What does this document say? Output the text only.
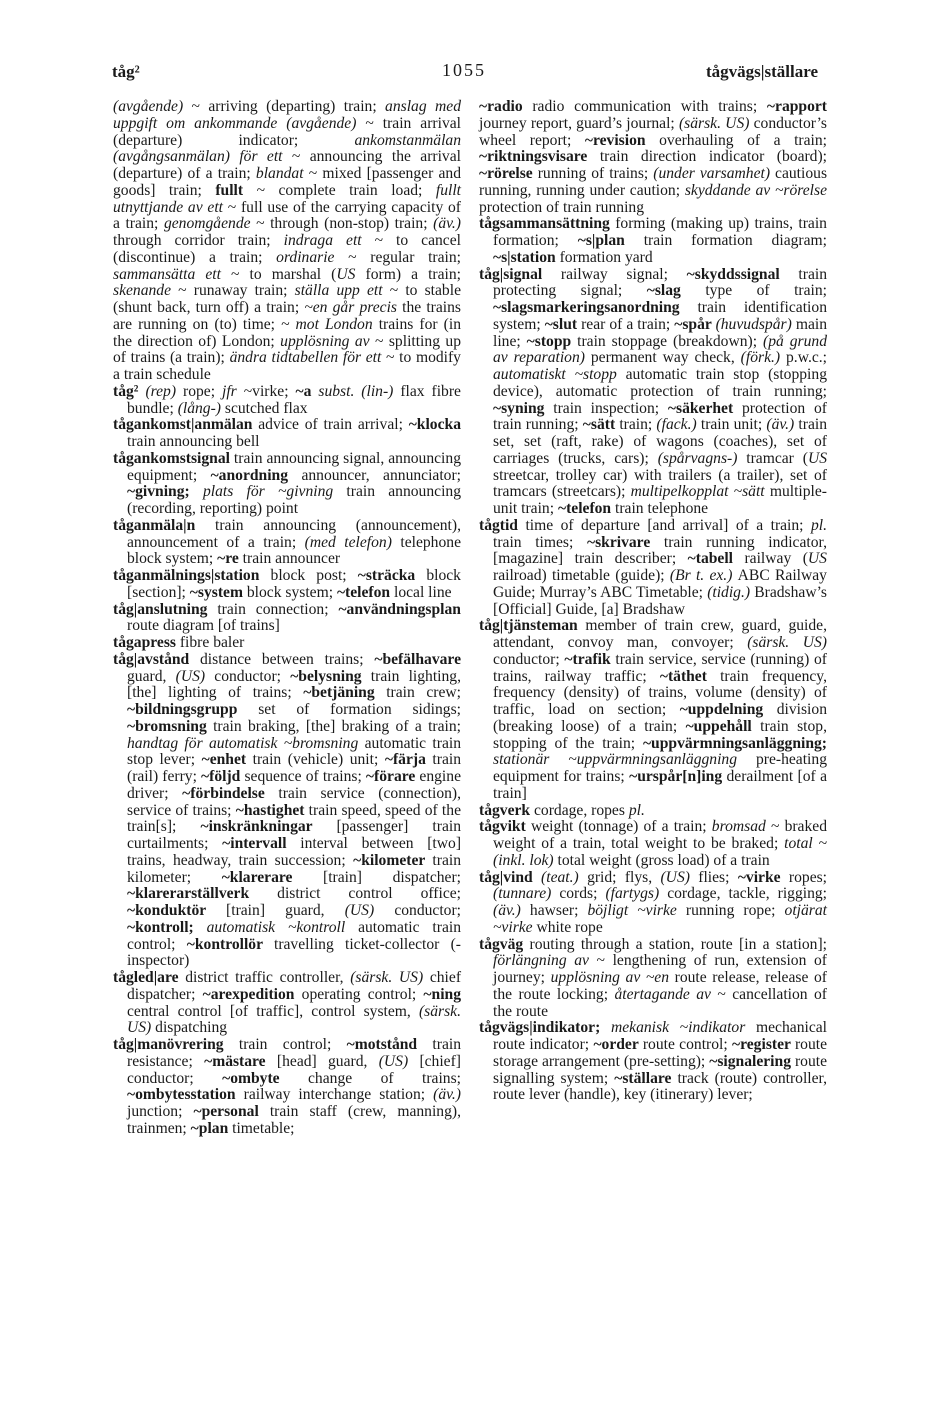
tåg²	1055	tågvägs|ställare

(avgående) ~ arriving (departing) train; anslag med uppgift om ankommande (avgående) ~ train arrival (departure) indicator; ankomstanmälan (avgångsanmälan) för ett ~ announcing the arrival (departure) of a train; blandat ~ mixed [passenger and goods] train; fullt ~ complete train load; fullt utnyttjande av ett ~ full use of the carrying capacity of a train; genomgående ~ through (non-stop) train; (äv.) through corridor train; indraga ett ~ to cancel (discontinue) a train; ordinarie ~ regular train; sammansätta ett ~ to marshal (US form) a train; skenande ~ runaway train; ställa upp ett ~ to stable (shunt back, turn off) a train; ~en går precis the trains are running on (to) time; ~ mot London trains for (in the direction of) London; upplösning av ~ splitting up of trains (a train); ändra tidtabellen för ett ~ to modify a train schedule

tåg² (rep) rope; jfr ~virke; ~a subst. (lin-) flax fibre bundle; (lång-) scutched flax

tågankomst|anmälan advice of train arrival; ~klocka train announcing bell

tågankomstsignal train announcing signal, announcing equipment; ~anordning announcer, annunciator; ~givning; plats för ~givning train announcing (recording, reporting) point

tåganmäla|n train announcing (announcement), announcement of a train; (med telefon) telephone block system; ~re train announcer

tåganmälnings|station block post; ~sträcka block [section]; ~system block system; ~telefon local line

tåg|anslutning train connection; ~användningsplan route diagram [of trains]

tågapress fibre baler

tåg|avstånd distance between trains; ~befälhavare guard, (US) conductor; ~belysning train lighting, [the] lighting of trains; ~betjäning train crew; ~bildningsgrupp set of formation sidings; ~bromsning train braking, [the] braking of a train; handtag för automatisk ~bromsning automatic train stop lever; ~enhet train (vehicle) unit; ~färja train (rail) ferry; ~följd sequence of trains; ~förare engine driver; ~förbindelse train service (connection), service of trains; ~hastighet train speed, speed of the train[s]; ~inskränkningar [passenger] train curtailments; ~intervall interval between [two] trains, headway, train succession; ~kilometer train kilometer; ~klarerare [train] dispatcher; ~klarerarställverk district control office; ~konduktör [train] guard, (US) conductor; ~kontroll; automatisk ~kontroll automatic train control; ~kontrollör travelling ticket-collector (-inspector)

tågled|are district traffic controller, (särsk. US) chief dispatcher; ~arexpedition operating control; ~ning central control [of traffic], control system, (särsk. US) dispatching

tåg|manövrering train control; ~motstånd train resistance; ~mästare [head] guard, (US) [chief] conductor; ~ombyte change of trains; ~ombytesstation railway interchange station; (äv.) junction; ~personal train staff (crew, manning), trainmen; ~plan timetable;

~radio radio communication with trains; ~rapport journey report, guard’s journal; (särsk. US) conductor’s wheel report; ~revision overhauling of a train; ~riktningsvisare train direction indicator (board); ~rörelse running of trains; (under varsamhet) cautious running, running under caution; skyddande av ~rörelse protection of train running

tågsammansättning forming (making up) trains, train formation; ~s|plan train formation diagram; ~s|station formation yard

tåg|signal railway signal; ~skyddssignal train protecting signal; ~slag type of train; ~slagsmarkeringsanordning train identification system; ~slut rear of a train; ~spår (huvudspår) main line; ~stopp train stoppage (breakdown); (på grund av reparation) permanent way check, (förk.) p.w.c.; automatiskt ~stopp automatic train stop (stopping device), automatic protection of train running; ~syning train inspection; ~säkerhet protection of train running; ~sätt train; (fack.) train unit; (äv.) train set, set (raft, rake) of wagons (coaches), set of carriages (trucks, cars); (spårvagns-) tramcar (US streetcar, trolley car) with trailers (a trailer), set of tramcars (streetcars); multipelkopplat ~sätt multiple-unit train; ~telefon train telephone

tågtid time of departure [and arrival] of a train; pl. train times; ~skrivare train running indicator, [magazine] train describer; ~tabell railway (US railroad) timetable (guide); (Br t. ex.) ABC Railway Guide; Murray’s ABC Timetable; (tidig.) Bradshaw’s [Official] Guide, [a] Bradshaw

tåg|tjänsteman member of train crew, guard, guide, attendant, convoy man, convoyer; (särsk. US) conductor; ~trafik train service, service (running) of trains, railway traffic; ~täthet train frequency, frequency (density) of trains, volume (density) of traffic, load on section; ~uppdelning division (breaking loose) of a train; ~uppehåll train stop, stopping of the train; ~uppvärmningsanläggning; stationär ~uppvärmningsanläggning pre-heating equipment for trains; ~urspår[n]ing derailment [of a train]

tågverk cordage, ropes pl.

tågvikt weight (tonnage) of a train; bromsad ~ braked weight of a train, total weight to be braked; total ~ (inkl. lok) total weight (gross load) of a train

tåg|vind (teat.) grid; flys, (US) flies; ~virke ropes; (tunnare) cords; (fartygs) cordage, tackle, rigging; (äv.) hawser; böjligt ~virke running rope; otjärat ~virke white rope

tågväg routing through a station, route [in a station]; förlängning av ~ lengthening of run, extension of journey; upplösning av ~en route release, release of the route locking; återtagande av ~ cancellation of the route

tågvägs|indikator; mekanisk ~indikator mechanical route indicator; ~order route control; ~register route storage arrangement (pre-setting); ~signalering route signalling system; ~ställare track (route) controller, route lever (handle), key (itinerary) lever;
